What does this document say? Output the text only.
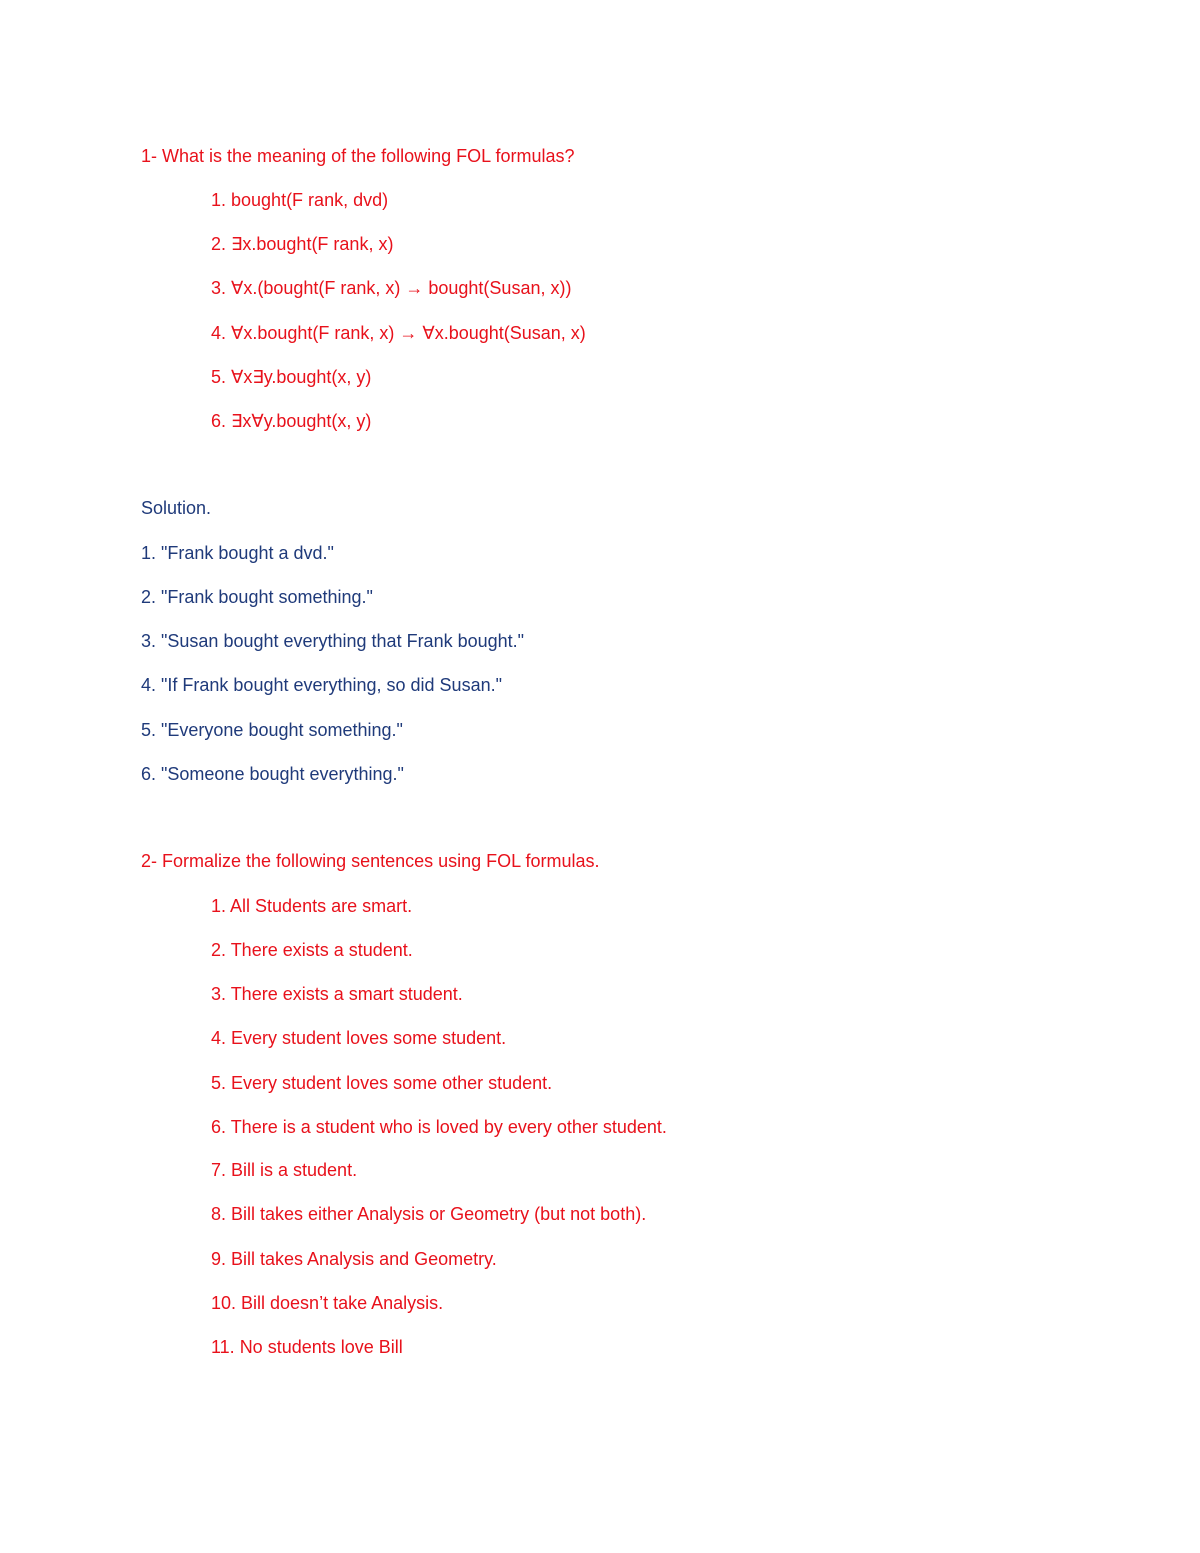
1- What is the meaning of the following FOL formulas?
1. bought(F rank, dvd)
2. ∃x.bought(F rank, x)
3. ∀x.(bought(F rank, x) → bought(Susan, x))
4. ∀x.bought(F rank, x) → ∀x.bought(Susan, x)
5. ∀x∃y.bought(x, y)
6. ∃x∀y.bought(x, y)
Solution.
1. "Frank bought a dvd."
2. "Frank bought something."
3. "Susan bought everything that Frank bought."
4. "If Frank bought everything, so did Susan."
5. "Everyone bought something."
6. "Someone bought everything."
2- Formalize the following sentences using FOL formulas.
1. All Students are smart.
2. There exists a student.
3. There exists a smart student.
4. Every student loves some student.
5. Every student loves some other student.
6. There is a student who is loved by every other student.
7. Bill is a student.
8. Bill takes either Analysis or Geometry (but not both).
9. Bill takes Analysis and Geometry.
10. Bill doesn’t take Analysis.
11. No students love Bill
